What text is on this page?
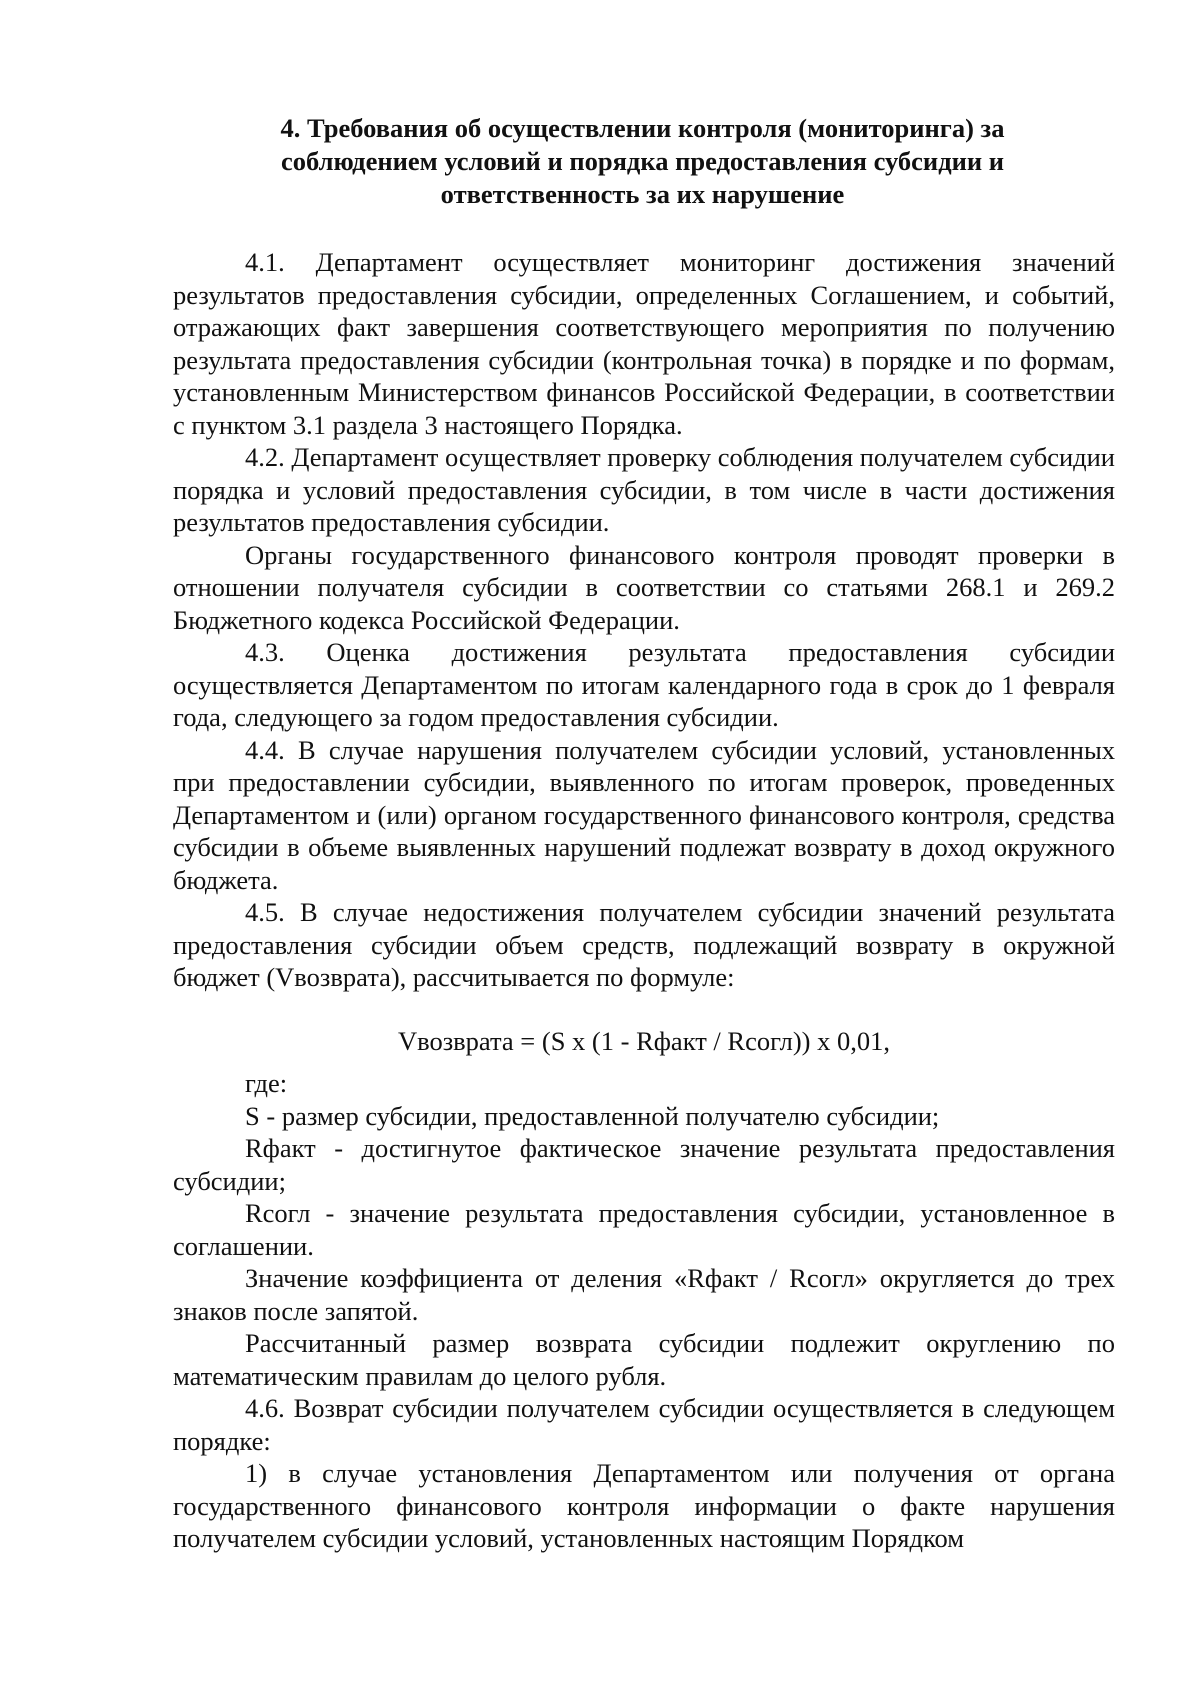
4. Требования об осуществлении контроля (мониторинга) за
соблюдением условий и порядка предоставления субсидии и
ответственность за их нарушение

4.1. Департамент осуществляет мониторинг достижения значений результатов предоставления субсидии, определенных Соглашением, и событий, отражающих факт завершения соответствующего мероприятия по получению результата предоставления субсидии (контрольная точка) в порядке и по формам, установленным Министерством финансов Российской Федерации, в соответствии с пунктом 3.1 раздела 3 настоящего Порядка.

4.2. Департамент осуществляет проверку соблюдения получателем субсидии порядка и условий предоставления субсидии, в том числе в части достижения результатов предоставления субсидии.

Органы государственного финансового контроля проводят проверки в отношении получателя субсидии в соответствии со статьями 268.1 и 269.2 Бюджетного кодекса Российской Федерации.

4.3. Оценка достижения результата предоставления субсидии осуществляется Департаментом по итогам календарного года в срок до 1 февраля года, следующего за годом предоставления субсидии.

4.4. В случае нарушения получателем субсидии условий, установленных при предоставлении субсидии, выявленного по итогам проверок, проведенных Департаментом и (или) органом государственного финансового контроля, средства субсидии в объеме выявленных нарушений подлежат возврату в доход окружного бюджета.

4.5. В случае недостижения получателем субсидии значений результата предоставления субсидии объем средств, подлежащий возврату в окружной бюджет (Vвозврата), рассчитывается по формуле:

Vвозврата = (S x (1 - Rфакт / Rсогл)) x 0,01,

где:

S - размер субсидии, предоставленной получателю субсидии;

Rфакт - достигнутое фактическое значение результата предоставления субсидии;

Rсогл - значение результата предоставления субсидии, установленное в соглашении.

Значение коэффициента от деления «Rфакт / Rсогл» округляется до трех знаков после запятой.

Рассчитанный размер возврата субсидии подлежит округлению по математическим правилам до целого рубля.

4.6. Возврат субсидии получателем субсидии осуществляется в следующем порядке:

1) в случае установления Департаментом или получения от органа государственного финансового контроля информации о факте нарушения получателем субсидии условий, установленных настоящим Порядком
